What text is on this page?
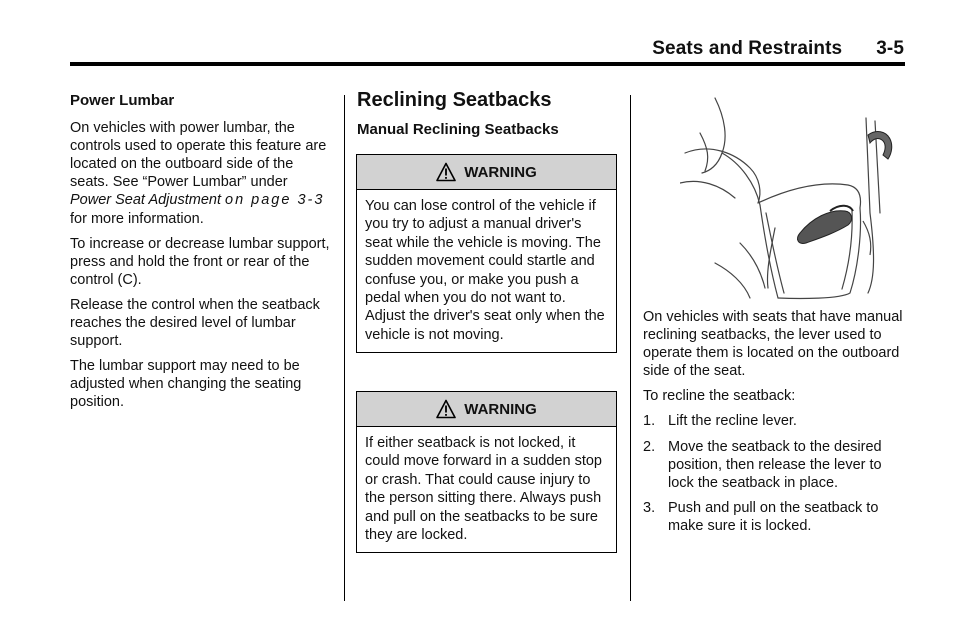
Seats and Restraints 3-5
Power Lumbar

On vehicles with power lumbar, the controls used to operate this feature are located on the outboard side of the seats. See “Power Lumbar” under Power Seat Adjustment on page 3-3 for more information.

To increase or decrease lumbar support, press and hold the front or rear of the control (C).

Release the control when the seatback reaches the desired level of lumbar support.

The lumbar support may need to be adjusted when changing the seating position.

Reclining Seatbacks
Manual Reclining Seatbacks
WARNING
You can lose control of the vehicle if you try to adjust a manual driver's seat while the vehicle is moving. The sudden movement could startle and confuse you, or make you push a pedal when you do not want to. Adjust the driver's seat only when the vehicle is not moving.
WARNING
If either seatback is not locked, it could move forward in a sudden stop or crash. That could cause injury to the person sitting there. Always push and pull on the seatbacks to be sure they are locked.

On vehicles with seats that have manual reclining seatbacks, the lever used to operate them is located on the outboard side of the seat.

To recline the seatback:

1. Lift the recline lever.
2. Move the seatback to the desired position, then release the lever to lock the seatback in place.
3. Push and pull on the seatback to make sure it is locked.
